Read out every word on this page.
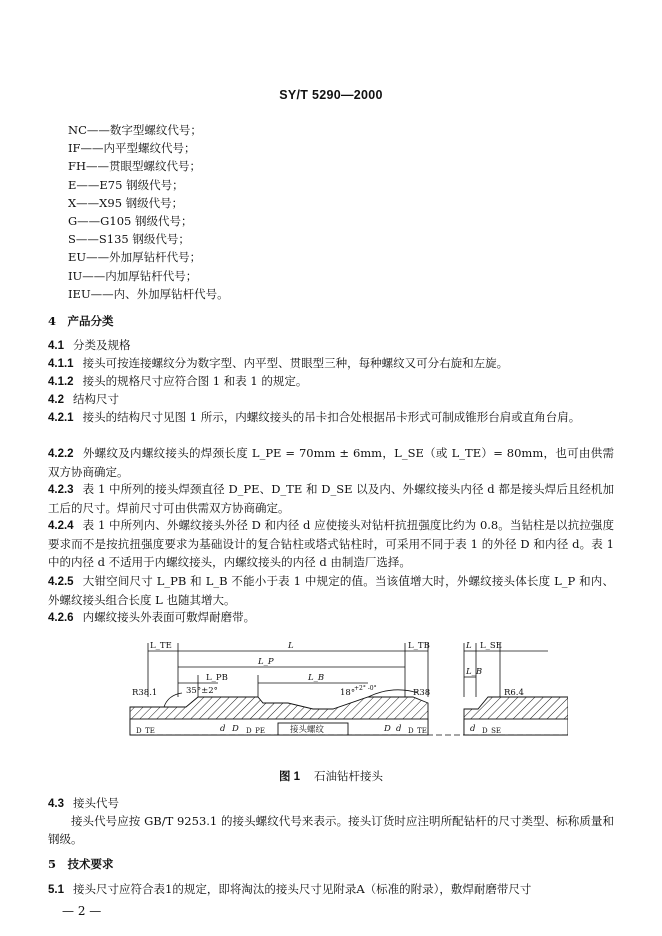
SY/T 5290—2000
NC——数字型螺纹代号；
IF——内平型螺纹代号；
FH——贯眼型螺纹代号；
E——E75 钢级代号；
X——X95 钢级代号；
G——G105 钢级代号；
S——S135 钢级代号；
EU——外加厚钻杆代号；
IU——内加厚钻杆代号；
IEU——内、外加厚钻杆代号。
4　产品分类
4.1 分类及规格
4.1.1 接头可按连接螺纹分为数字型、内平型、贯眼型三种，每种螺纹又可分右旋和左旋。
4.1.2 接头的规格尺寸应符合图 1 和表 1 的规定。
4.2 结构尺寸
4.2.1 接头的结构尺寸见图 1 所示，内螺纹接头的吊卡扣合处根据吊卡形式可制成锥形台肩或直角台肩。
4.2.2 外螺纹及内螺纹接头的焊颈长度 L_PE = 70mm ± 6mm，L_SE（或 L_TE）= 80mm，也可由供需双方协商确定。
4.2.3 表 1 中所列的接头焊颈直径 D_PE、D_TE 和 D_SE 以及内、外螺纹接头内径 d 都是接头焊后且经机加工后的尺寸。焊前尺寸可由供需双方协商确定。
4.2.4 表 1 中所列内、外螺纹接头外径 D 和内径 d 应使接头对钻杆抗扭强度比约为 0.8。当钻柱是以抗拉强度要求而不是按抗扭强度要求为基础设计的复合钻柱或塔式钻柱时，可采用不同于表 1 的外径 D 和内径 d。表 1 中的内径 d 不适用于内螺纹接头，内螺纹接头的内径 d 由制造厂选择。
4.2.5 大钳空间尺寸 L_PB 和 L_B 不能小于表 1 中规定的值。当该值增大时，外螺纹接头体长度 L_P 和内、外螺纹接头组合长度 L 也随其增大。
4.2.6 内螺纹接头外表面可敷焊耐磨带。
L_TE	L	L_TB
L_P
L_PB	L_B
L L_SE
L_B
R38.1	35°±2°	18°
+2° -0°	R38	R6.4
D_TE	d D D_PE	接头螺纹	D d D_TE	d D_SE
图 1 石油钻杆接头
4.3 接头代号
接头代号应按 GB/T 9253.1 的接头螺纹代号来表示。接头订货时应注明所配钻杆的尺寸类型、标称质量和钢级。
5　技术要求
5.1 接头尺寸应符合表1的规定，即将淘汰的接头尺寸见附录A（标准的附录），敷焊耐磨带尺寸
— 2 —
